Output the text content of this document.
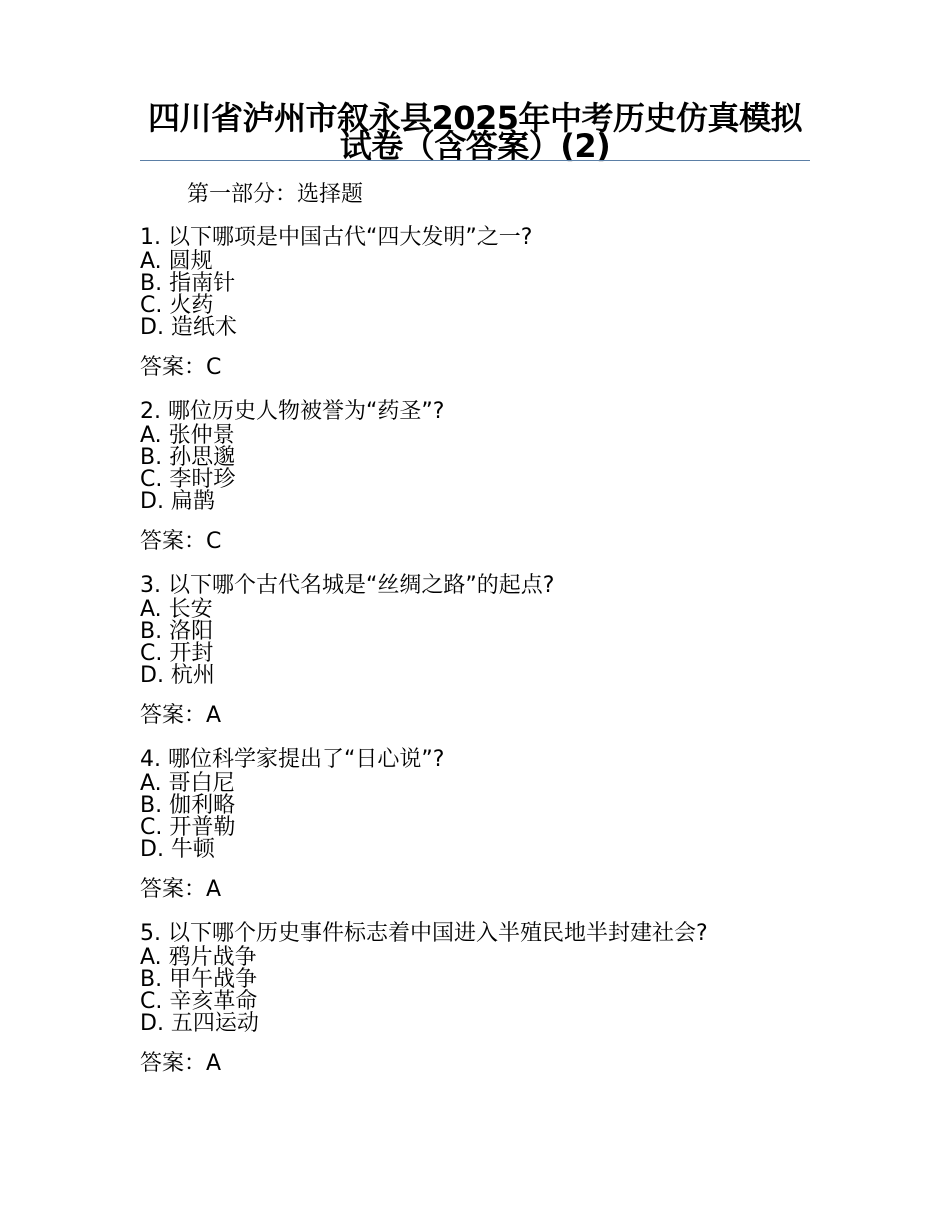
四川省泸州市叙永县2025年中考历史仿真模拟试卷（含答案）(2)
第一部分：选择题
1. 以下哪项是中国古代“四大发明”之一?
A. 圆规
B. 指南针
C. 火药
D. 造纸术
答案：C
2. 哪位历史人物被誉为“药圣”?
A. 张仲景
B. 孙思邈
C. 李时珍
D. 扁鹊
答案：C
3. 以下哪个古代名城是“丝绸之路”的起点?
A. 长安
B. 洛阳
C. 开封
D. 杭州
答案：A
4. 哪位科学家提出了“日心说”?
A. 哥白尼
B. 伽利略
C. 开普勒
D. 牛顿
答案：A
5. 以下哪个历史事件标志着中国进入半殖民地半封建社会?
A. 鸦片战争
B. 甲午战争
C. 辛亥革命
D. 五四运动
答案：A
